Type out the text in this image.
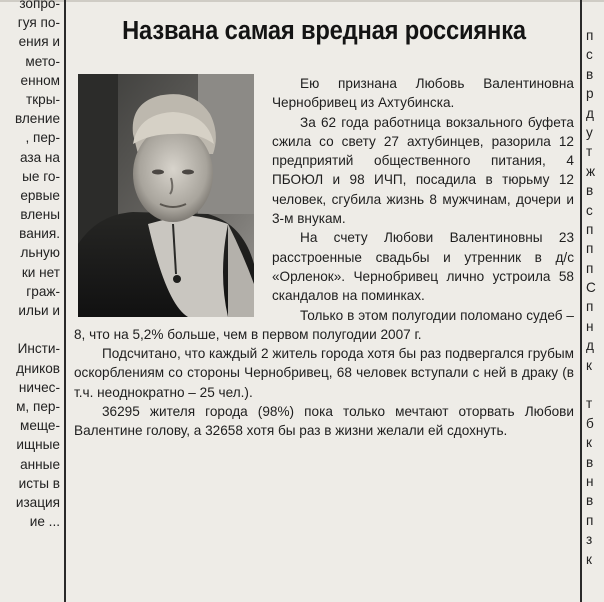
зопро-
гуя по-
ения и
мето-
енном
ткры-
вление
, пер-
аза на
ые го-
ервые
влены
вания.
льную
ки нет
граж-
ильи и
Инсти-
дников
ничес-
м, пер-
меще-
ищные
анные
исты в
изация
ие ...
Названа самая вредная россиянка

Ею признана Любовь Валентиновна Чернобривец из Ахтубинска.

За 62 года работница вокзального буфета сжила со свету 27 ахтубинцев, разорила 12 предприятий общественного питания, 4 ПБОЮЛ и 98 ИЧП, посадила в тюрьму 12 человек, сгубила жизнь 8 мужчинам, дочери и 3-м внукам.

На счету Любови Валентиновны 23 расстроенные свадьбы и утренник в д/с «Орленок». Чернобривец лично устроила 58 скандалов на поминках.

Только в этом полугодии поломано судеб – 8, что на 5,2% больше, чем в первом полугодии 2007 г.

Подсчитано, что каждый 2 житель города хотя бы раз подвергался грубым оскорблениям со стороны Чернобривец, 68 человек вступали с ней в драку (в т.ч. неоднократно – 25 чел.).

36295 жителя города (98%) пока только мечтают оторвать Любови Валентине голову, а 32658 хотя бы раз в жизни желали ей сдохнуть.

п
с
в
р
д
у
т
ж
в
с
п
п
п
С
п
н
д
к
т
б
к
в
н
в
п
з
к
